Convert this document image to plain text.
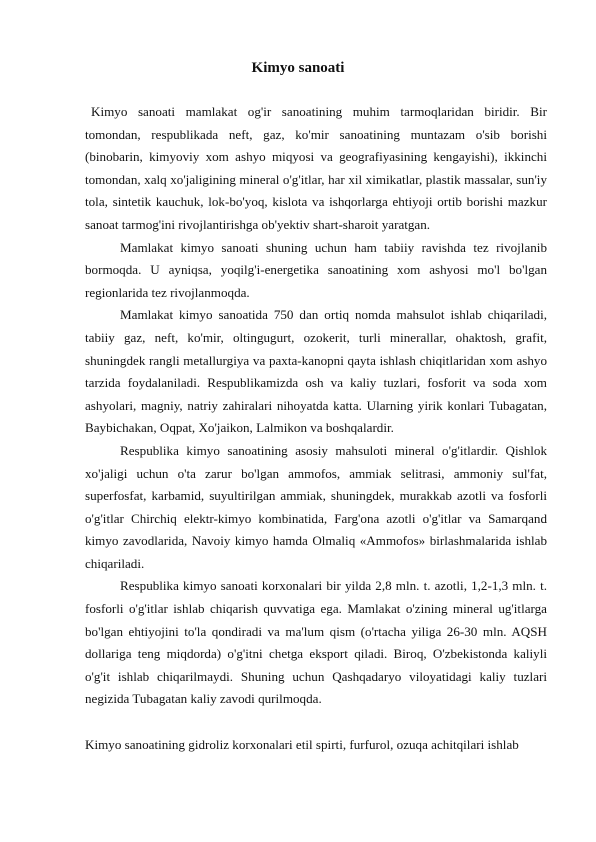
Kimyo sanoati

Kimyo sanoati mamlakat og'ir sanoatining muhim tarmoqlaridan biridir. Bir tomondan, respublikada neft, gaz, ko'mir sanoatining muntazam o'sib borishi (binobarin, kimyoviy xom ashyo miqyosi va geografiyasining kengayishi), ikkinchi tomondan, xalq xo'jaligining mineral o'g'itlar, har xil ximikatlar, plastik massalar, sun'iy tola, sintetik kauchuk, lok-bo'yoq, kislota va ishqorlarga ehtiyoji ortib borishi mazkur sanoat tarmog'ini rivojlantirishga ob'yektiv shart-sharoit yaratgan.

Mamlakat kimyo sanoati shuning uchun ham tabiiy ravishda tez rivojlanib bormoqda. U ayniqsa, yoqilg'i-energetika sanoatining xom ashyosi mo'l bo'lgan regionlarida tez rivojlanmoqda.

Mamlakat kimyo sanoatida 750 dan ortiq nomda mahsulot ishlab chiqariladi, tabiiy gaz, neft, ko'mir, oltingugurt, ozokerit, turli minerallar, ohaktosh, grafit, shuningdek rangli metallurgiya va paxta-kanopni qayta ishlash chiqitlaridan xom ashyo tarzida foydalaniladi. Respublikamizda osh va kaliy tuzlari, fosforit va soda xom ashyolari, magniy, natriy zahiralari nihoyatda katta. Ularning yirik konlari Tubagatan, Baybichakan, Oqpat, Xo'jaikon, Lalmikon va boshqalardir.

Respublika kimyo sanoatining asosiy mahsuloti mineral o'g'itlardir. Qishlok xo'jaligi uchun o'ta zarur bo'lgan ammofos, ammiak selitrasi, ammoniy sul'fat, superfosfat, karbamid, suyultirilgan ammiak, shuningdek, murakkab azotli va fosforli o'g'itlar Chirchiq elektr-kimyo kombinatida, Farg'ona azotli o'g'itlar va Samarqand kimyo zavodlarida, Navoiy kimyo hamda Olmaliq «Ammofos» birlashmalarida ishlab chiqariladi.

Respublika kimyo sanoati korxonalari bir yilda 2,8 mln. t. azotli, 1,2-1,3 mln. t. fosforli o'g'itlar ishlab chiqarish quvvatiga ega. Mamlakat o'zining mineral ug'itlarga bo'lgan ehtiyojini to'la qondiradi va ma'lum qism (o'rtacha yiliga 26-30 mln. AQSH dollariga teng miqdorda) o'g'itni chetga eksport qiladi. Biroq, O'zbekistonda kaliyli o'g'it ishlab chiqarilmaydi. Shuning uchun Qashqadaryo viloyatidagi kaliy tuzlari negizida Tubagatan kaliy zavodi qurilmoqda.

Kimyo sanoatining gidroliz korxonalari etil spirti, furfurol, ozuqa achitqilari ishlab
